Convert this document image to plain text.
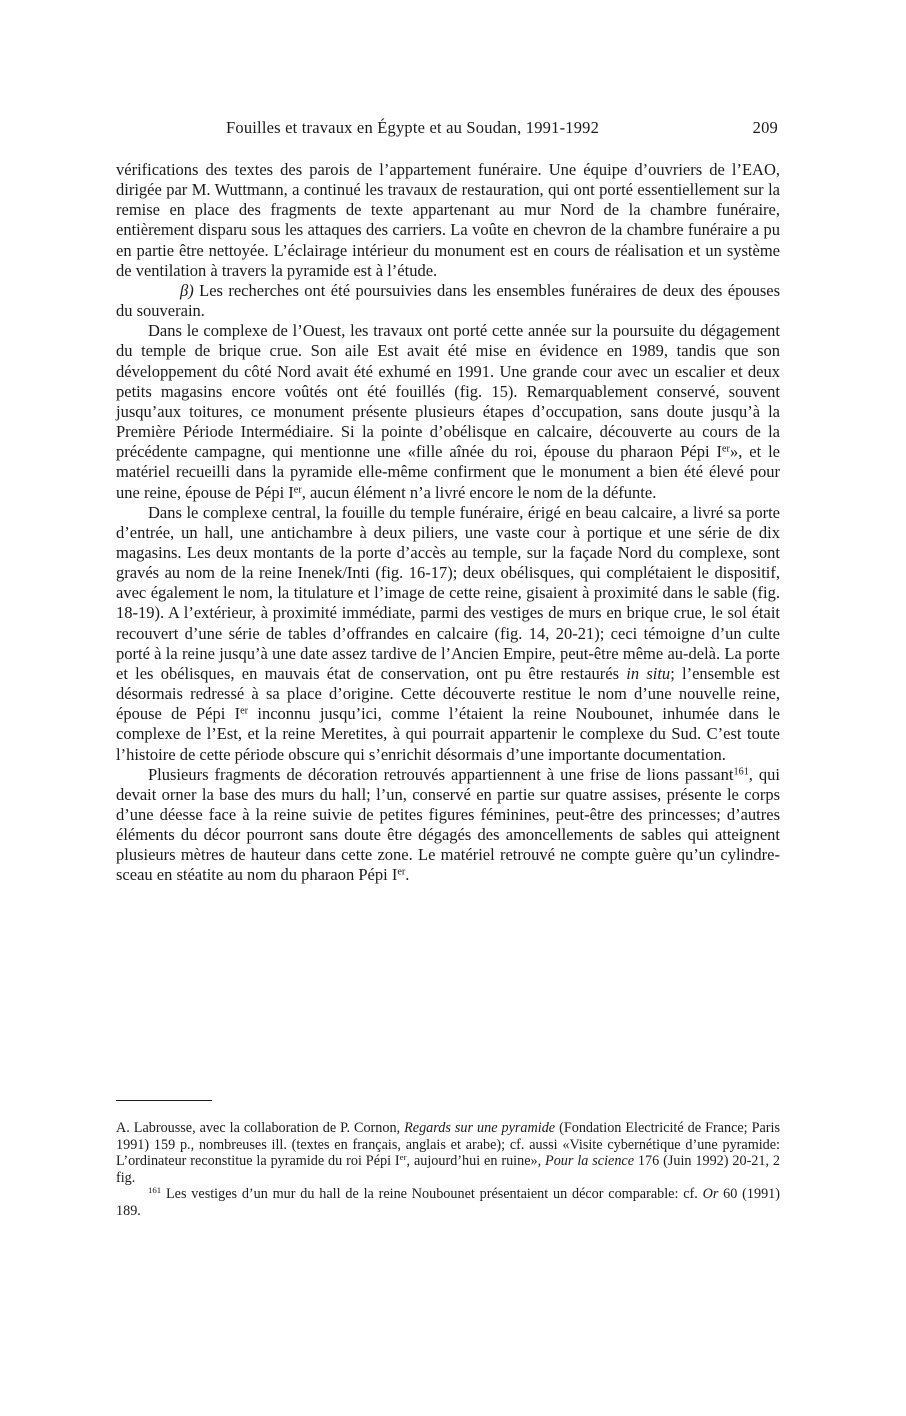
Fouilles et travaux en Égypte et au Soudan, 1991-1992	209

vérifications des textes des parois de l’appartement funéraire. Une équipe d’ouvriers de l’EAO, dirigée par M. Wuttmann, a continué les travaux de restauration, qui ont porté essentiellement sur la remise en place des fragments de texte appartenant au mur Nord de la chambre funéraire, entièrement disparu sous les attaques des carriers. La voûte en chevron de la chambre funéraire a pu en partie être nettoyée. L’éclairage intérieur du monument est en cours de réalisation et un système de ventilation à travers la pyramide est à l’étude.

β) Les recherches ont été poursuivies dans les ensembles funéraires de deux des épouses du souverain.

Dans le complexe de l’Ouest, les travaux ont porté cette année sur la poursuite du dégagement du temple de brique crue. Son aile Est avait été mise en évidence en 1989, tandis que son développement du côté Nord avait été exhumé en 1991. Une grande cour avec un escalier et deux petits magasins encore voûtés ont été fouillés (fig. 15). Remarquablement conservé, souvent jusqu’aux toitures, ce monument présente plusieurs étapes d’occupation, sans doute jusqu’à la Première Période Intermédiaire. Si la pointe d’obélisque en calcaire, découverte au cours de la précédente campagne, qui mentionne une «fille aînée du roi, épouse du pharaon Pépi Ier», et le matériel recueilli dans la pyramide elle-même confirment que le monument a bien été élevé pour une reine, épouse de Pépi Ier, aucun élément n’a livré encore le nom de la défunte.

Dans le complexe central, la fouille du temple funéraire, érigé en beau calcaire, a livré sa porte d’entrée, un hall, une antichambre à deux piliers, une vaste cour à portique et une série de dix magasins. Les deux montants de la porte d’accès au temple, sur la façade Nord du complexe, sont gravés au nom de la reine Inenek/Inti (fig. 16-17); deux obélisques, qui complétaient le dispositif, avec également le nom, la titulature et l’image de cette reine, gisaient à proximité dans le sable (fig. 18-19). A l’extérieur, à proximité immédiate, parmi des vestiges de murs en brique crue, le sol était recouvert d’une série de tables d’offrandes en calcaire (fig. 14, 20-21); ceci témoigne d’un culte porté à la reine jusqu’à une date assez tardive de l’Ancien Empire, peut-être même au-delà. La porte et les obélisques, en mauvais état de conservation, ont pu être restaurés in situ; l’ensemble est désormais redressé à sa place d’origine. Cette découverte restitue le nom d’une nouvelle reine, épouse de Pépi Ier inconnu jusqu’ici, comme l’étaient la reine Noubounet, inhumée dans le complexe de l’Est, et la reine Meretites, à qui pourrait appartenir le complexe du Sud. C’est toute l’histoire de cette période obscure qui s’enrichit désormais d’une importante documentation.

Plusieurs fragments de décoration retrouvés appartiennent à une frise de lions passant$^{161}$, qui devait orner la base des murs du hall; l’un, conservé en partie sur quatre assises, présente le corps d’une déesse face à la reine suivie de petites figures féminines, peut-être des princesses; d’autres éléments du décor pourront sans doute être dégagés des amoncellements de sables qui atteignent plusieurs mètres de hauteur dans cette zone. Le matériel retrouvé ne compte guère qu’un cylindre-sceau en stéatite au nom du pharaon Pépi Ier.

A. Labrousse, avec la collaboration de P. Cornon, Regards sur une pyramide (Fondation Electricité de France; Paris 1991) 159 p., nombreuses ill. (textes en français, anglais et arabe); cf. aussi «Visite cybernétique d’une pyramide: L’ordinateur reconstitue la pyramide du roi Pépi Ier, aujourd’hui en ruine», Pour la science 176 (Juin 1992) 20-21, 2 fig.

$^{161}$ Les vestiges d’un mur du hall de la reine Noubounet présentaient un décor comparable: cf. Or 60 (1991) 189.
